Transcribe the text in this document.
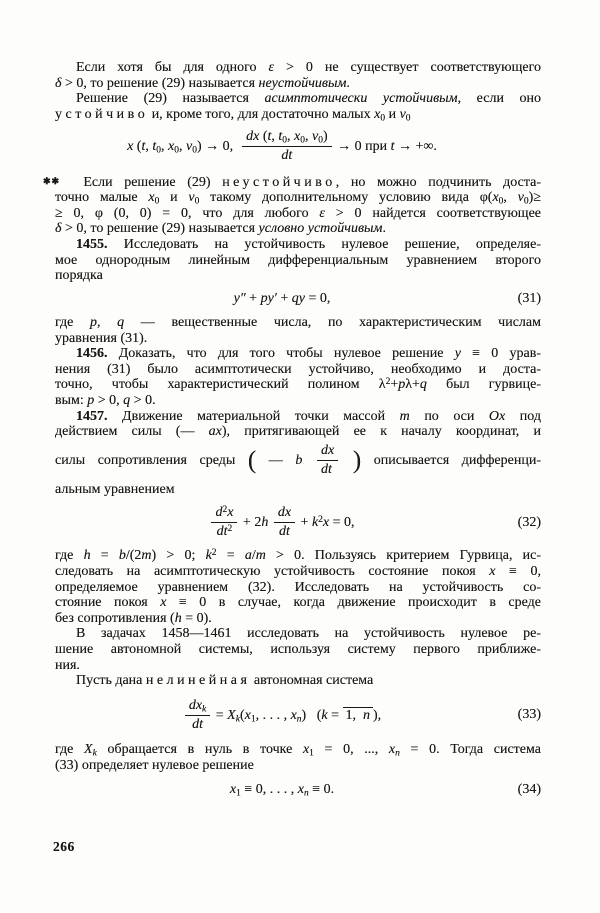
Если хотя бы для одного ε > 0 не существует соответствующего
δ > 0, то решение (29) называется неустойчивым.
Решение (29) называется асимптотически устойчивым, если оно
устойчиво и, кроме того, для достаточно малых $x_0$ и $v_0$
x (t, $t_0$, $x_0$, $v_0) \to 0$, $\frac{dx (t, t_0, x_0, v_0)}{dt} \to 0$ при t → +∞.
✱✱  Если решение (29) неустойчиво, но можно подчинить доста-
точно малые $x_0$ и $v_0$ такому дополнительному условию вида $\varphi(x_0$, $v_0)\ge$
≥ 0, φ (0, 0) = 0, что для любого ε > 0 найдется соответствующее
δ > 0, то решение (29) называется условно устойчивым.
1455. Исследовать на устойчивость нулевое решение, определяе-
мое однородным линейным дифференциальным уравнением второго
порядка
y″ + py′ + qy = 0,	(31)
где p, q — вещественные числа, по характеристическим числам
уравнения (31).
1456. Доказать, что для того чтобы нулевое решение y ≡ 0 урав-
нения (31) было асимптотически устойчиво, необходимо и доста-
точно, чтобы характеристический полином $\lambda^2+p\lambda+q$ был гурвице-
вым: p > 0, q > 0.
1457. Движение материальной точки массой m по оси Ox под
действием силы (— ax), притягивающей ее к началу координат, и
силы сопротивления среды ( — b $\frac{dx}{dt}$ ) описывается дифференци-
альным уравнением
$\frac{d^2x}{dt^2} + 2h \frac{dx}{dt} + k^2x = 0$,	(32)
где h = b/(2m) > 0; $k^2 = a/m > 0$. Пользуясь критерием Гурвица, ис-
следовать на асимптотическую устойчивость состояние покоя x ≡ 0,
определяемое уравнением (32). Исследовать на устойчивость со-
стояние покоя x ≡ 0 в случае, когда движение происходит в среде
без сопротивления (h = 0).
В задачах 1458—1461 исследовать на устойчивость нулевое ре-
шение автономной системы, используя систему первого приближе-
ния.
Пусть дана нелинейная автономная система
$\frac{dx_k}{dt} = X_k(x_1$, . . . , $x_n$)   (k = 1,  n ),	(33)
где $X_k$ обращается в нуль в точке $x_1 = 0$, ..., $x_n = 0$. Тогда система
(33) определяет нулевое решение
$x_1 \equiv 0$, . . . , $x_n \equiv 0$.	(34)
266
